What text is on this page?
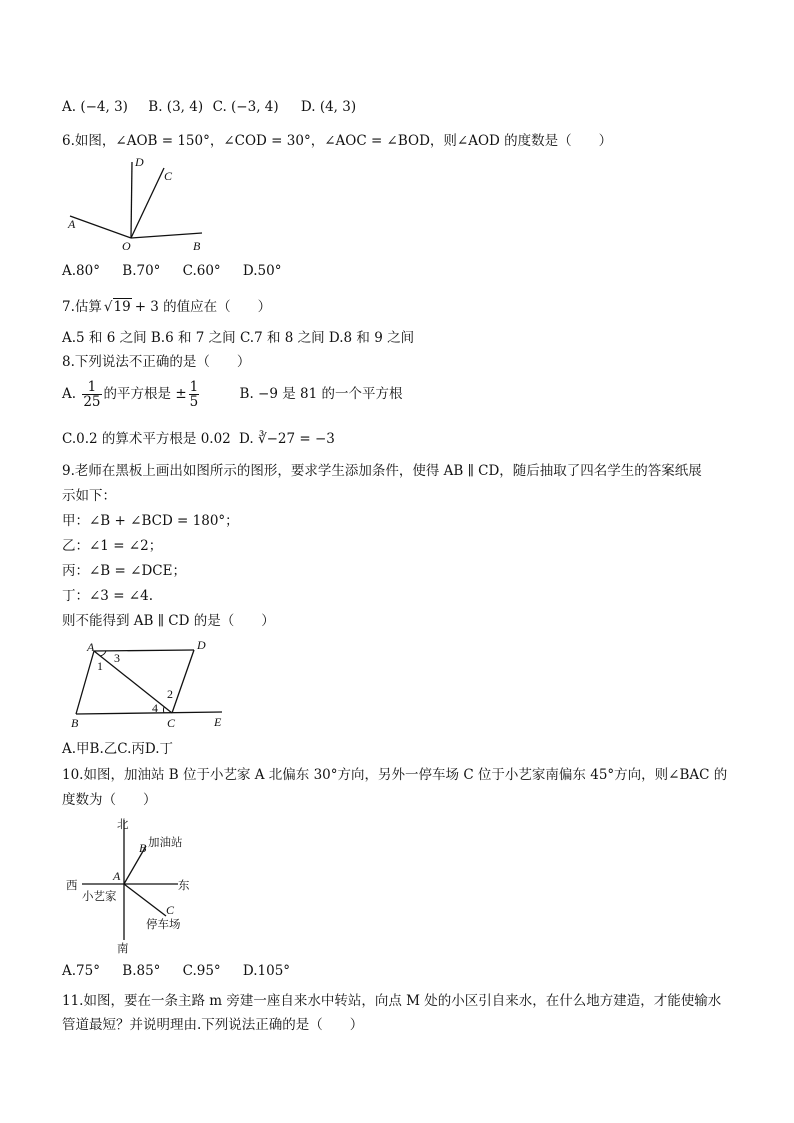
A. (−4, 3) B. (3, 4) C. (−3, 4) D. (4, 3)
6.如图，∠AOB = 150°，∠COD = 30°，∠AOC = ∠BOD，则∠AOD 的度数是（　　）
D
C
A
O	B
A.80° B.70° C.60° D.50°
7.估算 √19 + 3 的值应在（　　）
A.5 和 6 之间 B.6 和 7 之间 C.7 和 8 之间 D.8 和 9 之间
8.下列说法不正确的是（　　）
A. $\frac{1}{25}$ 的平方根是 ± $\frac{1}{5}$	B. −9 是 81 的一个平方根
C.0.2 的算术平方根是 0.02 D. ∛−27 = −3
9.老师在黑板上画出如图所示的图形，要求学生添加条件，使得 AB ∥ CD，随后抽取了四名学生的答案纸展
示如下：
甲：∠B + ∠BCD = 180°；
乙：∠1 = ∠2；
丙：∠B = ∠DCE；
丁：∠3 = ∠4.
则不能得到 AB ∥ CD 的是（　　）
A	D
B	C	E
1
2
3
4
A.甲B.乙C.丙D.丁
10.如图，加油站 B 位于小艺家 A 北偏东 30°方向，另外一停车场 C 位于小艺家南偏东 45°方向，则∠BAC 的
度数为（　　）
北
南
西	东
A
B
C
小艺家
加油站
停车场
A.75° B.85° C.95° D.105°
11.如图，要在一条主路 m 旁建一座自来水中转站，向点 M 处的小区引自来水，在什么地方建造，才能使输水
管道最短？并说明理由.下列说法正确的是（　　）
